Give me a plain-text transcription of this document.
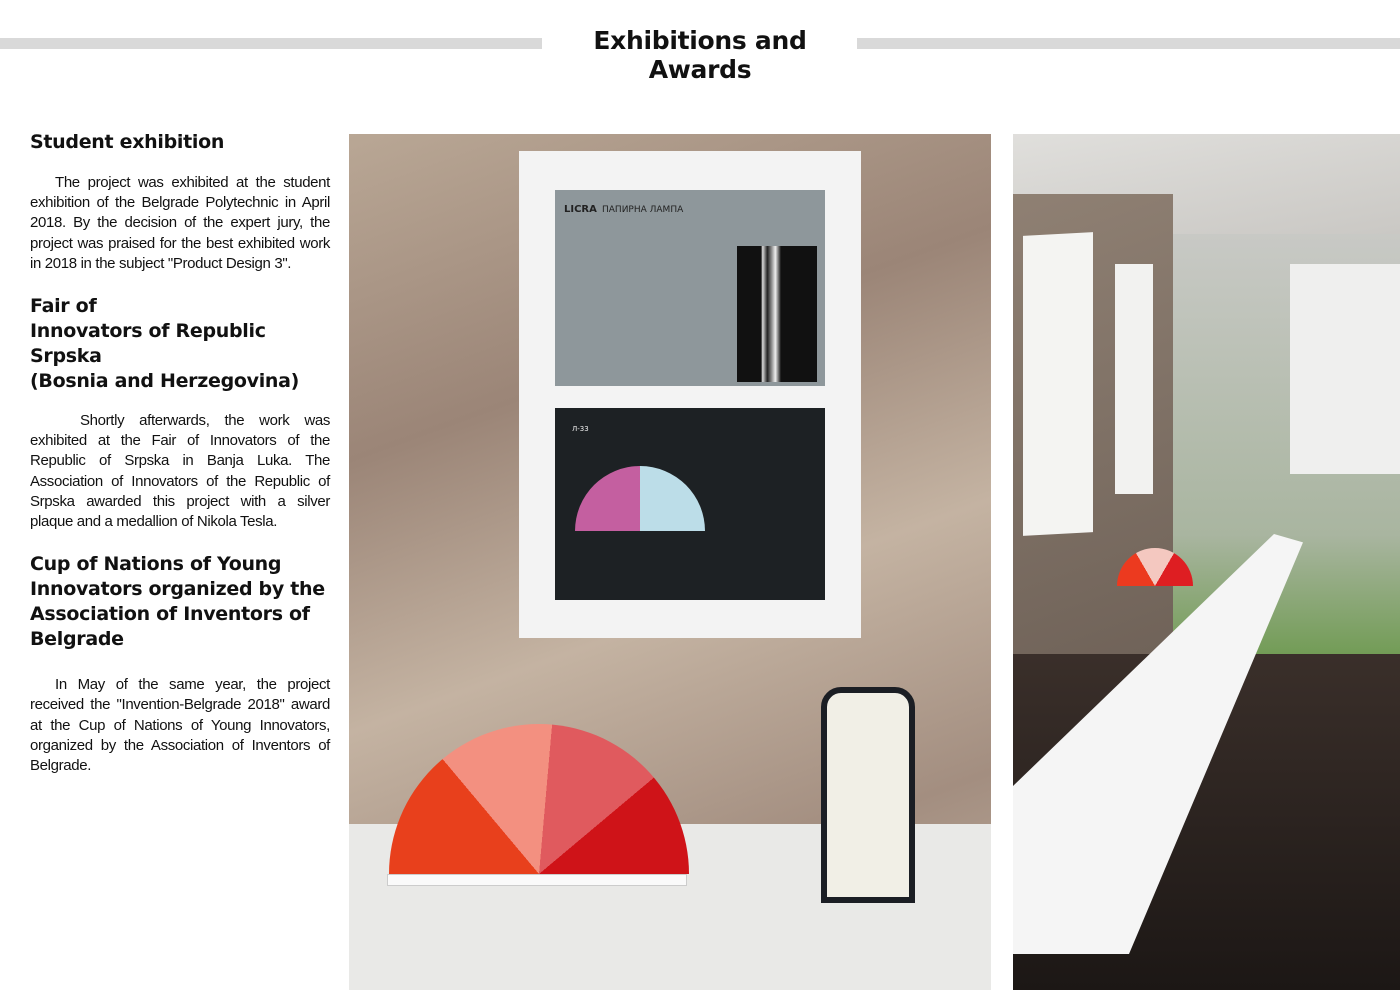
Exhibitions and Awards
Student exhibition

The project was exhibited at the student exhibition of the Belgrade Polytechnic in April 2018. By the decision of the expert jury, the project was praised for the best exhibited work in 2018 in the subject "Product Design 3".

Fair of
Innovators of Republic Srpska
(Bosnia and Herzegovina)

Shortly afterwards, the work was exhibited at the Fair of Innovators of the Republic of Srpska in Banja Luka. The Association of Innovators of the Republic of Srpska awarded this project with a silver plaque and a medallion of Nikola Tesla.

Cup of Nations of Young
Innovators organized by the
Association of Inventors of
Belgrade

In May of the same year, the project received the "Invention-Belgrade 2018" award at the Cup of Nations of Young Innovators, organized by the Association of Inventors of Belgrade.

LICRA ПАПИРНА ЛАМПА
Л-33
